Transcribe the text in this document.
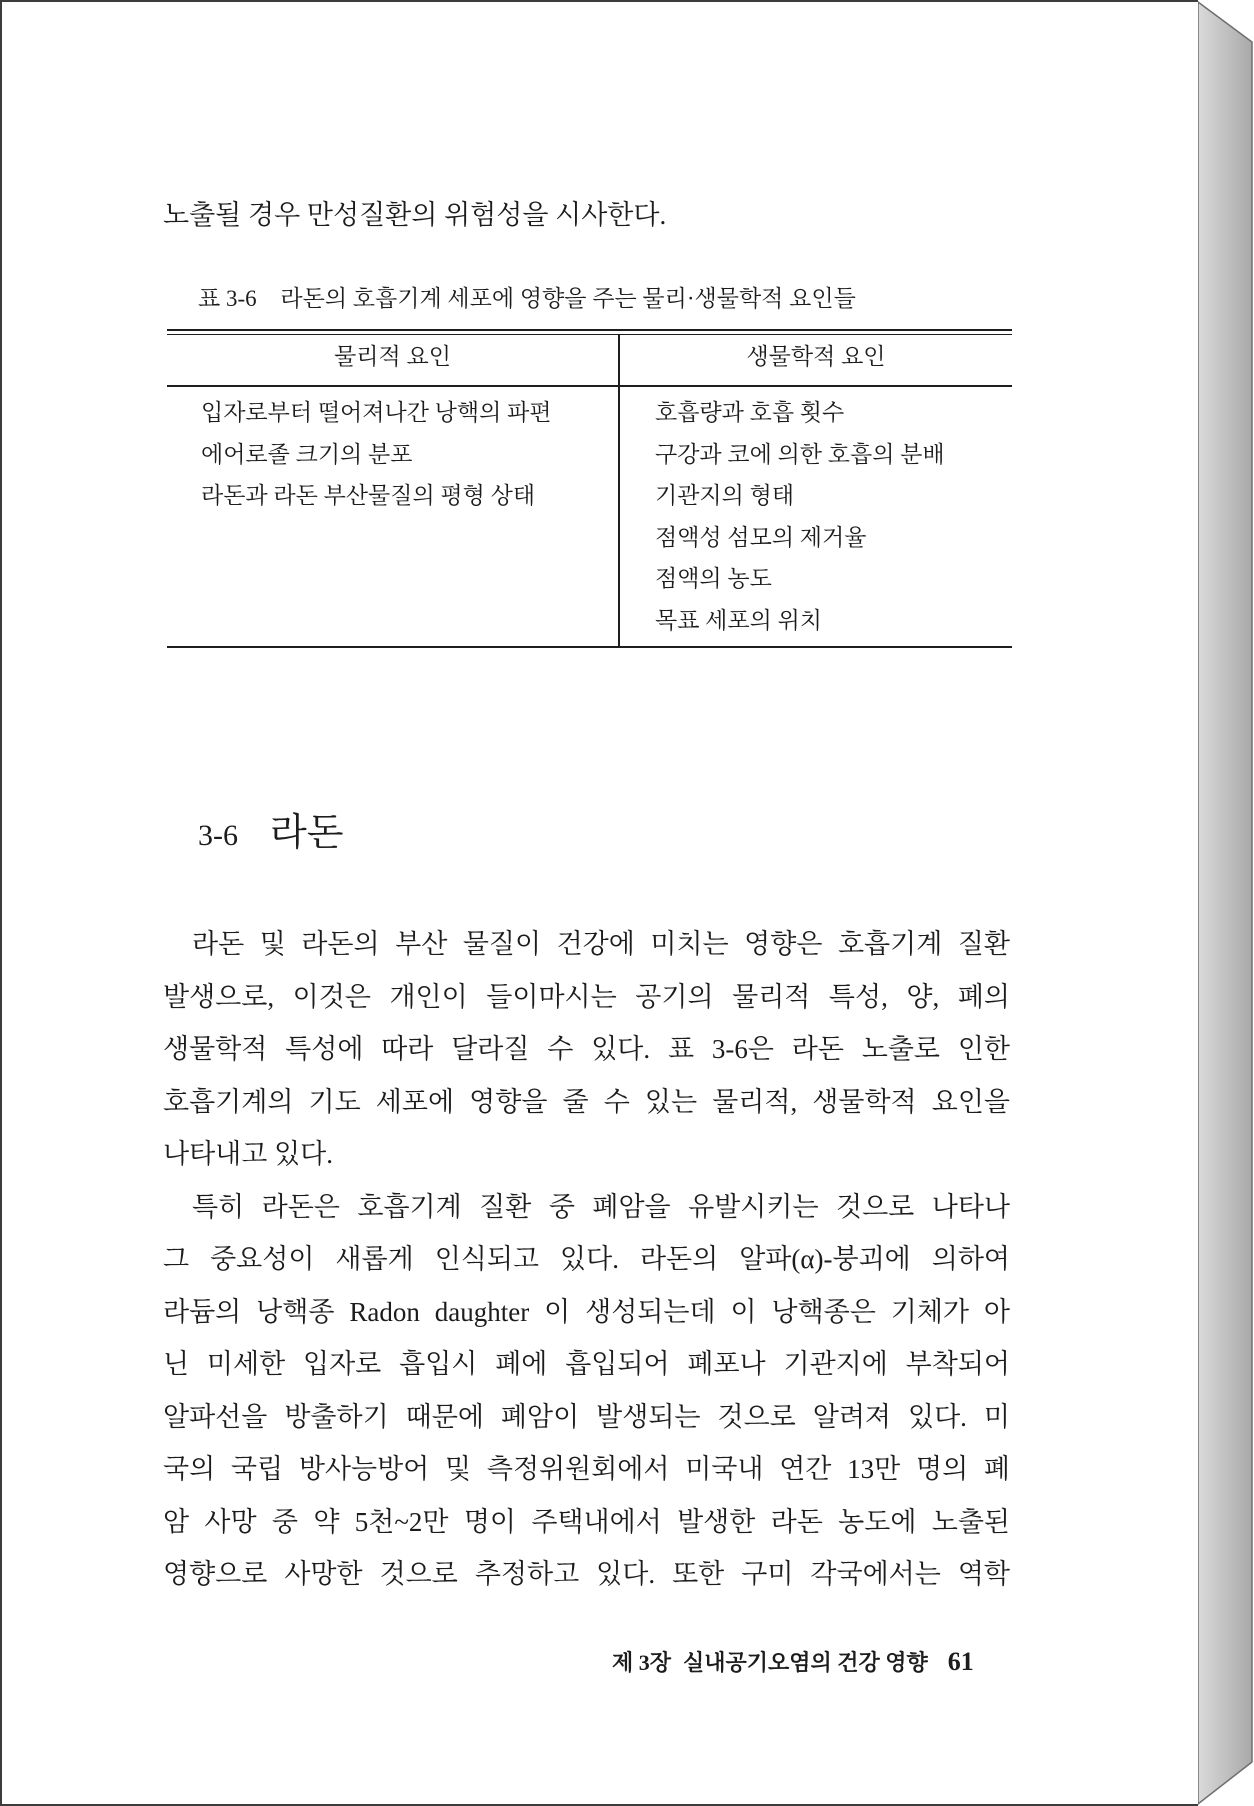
노출될 경우 만성질환의 위험성을 시사한다.
표 3-6 라돈의 호흡기계 세포에 영향을 주는 물리·생물학적 요인들
물리적 요인	생물학적 요인
입자로부터 떨어져나간 낭핵의 파편
에어로졸 크기의 분포
라돈과 라돈 부산물질의 평형 상태
호흡량과 호흡 횟수
구강과 코에 의한 호흡의 분배
기관지의 형태
점액성 섬모의 제거율
점액의 농도
목표 세포의 위치
3-6 라돈
라돈 및 라돈의 부산 물질이 건강에 미치는 영향은 호흡기계 질환
발생으로, 이것은 개인이 들이마시는 공기의 물리적 특성, 양, 폐의
생물학적 특성에 따라 달라질 수 있다. 표 3-6은 라돈 노출로 인한
호흡기계의 기도 세포에 영향을 줄 수 있는 물리적, 생물학적 요인을
나타내고 있다.
특히 라돈은 호흡기계 질환 중 폐암을 유발시키는 것으로 나타나
그 중요성이 새롭게 인식되고 있다. 라돈의 알파(α)-붕괴에 의하여
라듐의 낭핵종 Radon daughter 이 생성되는데 이 낭핵종은 기체가 아
닌 미세한 입자로 흡입시 폐에 흡입되어 폐포나 기관지에 부착되어
알파선을 방출하기 때문에 폐암이 발생되는 것으로 알려져 있다. 미
국의 국립 방사능방어 및 측정위원회에서 미국내 연간 13만 명의 폐
암 사망 중 약 5천~2만 명이 주택내에서 발생한 라돈 농도에 노출된
영향으로 사망한 것으로 추정하고 있다. 또한 구미 각국에서는 역학
제 3장 실내공기오염의 건강 영향 61
